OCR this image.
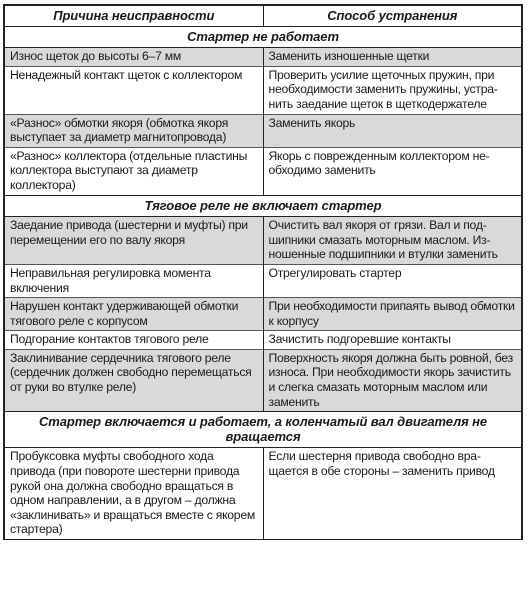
Причина неисправности	Способ устранения
Стартер не работает	
Износ щеток до высоты 6–7 мм	Заменить изношенные щетки
Ненадежный контакт щеток с коллектором	Проверить усилие щеточных пружин, при необходимости заменить пружины, устранить заедание щеток в щеткодержателе
«Разнос» обмотки якоря (обмотка якоря выступает за диаметр магнитопровода)	Заменить якорь
«Разнос» коллектора (отдельные пластины коллектора выступают за диаметр коллектора)	Якорь с поврежденным коллектором необходимо заменить
Тяговое реле не включает стартер	
Заедание привода (шестерни и муфты) при перемещении его по валу якоря	Очистить вал якоря от грязи. Вал и подшипники смазать моторным маслом. Изношенные подшипники и втулки заменить
Неправильная регулировка момента включения	Отрегулировать стартер
Нарушен контакт удерживающей обмотки тягового реле с корпусом	При необходимости припаять вывод обмотки к корпусу
Подгорание контактов тягового реле	Зачистить подгоревшие контакты
Заклинивание сердечника тягового реле (сердечник должен свободно перемещаться от руки во втулке реле)	Поверхность якоря должна быть ровной, без износа. При необходимости якорь зачистить и слегка смазать моторным маслом или заменить
Стартер включается и работает, а коленчатый вал двигателя не вращается	
Пробуксовка муфты свободного хода привода (при повороте шестерни привода рукой она должна свободно вращаться в одном направлении, а в другом – должна «заклинивать» и вращаться вместе с якорем стартера)	Если шестерня привода свободно вращается в обе стороны – заменить привод
